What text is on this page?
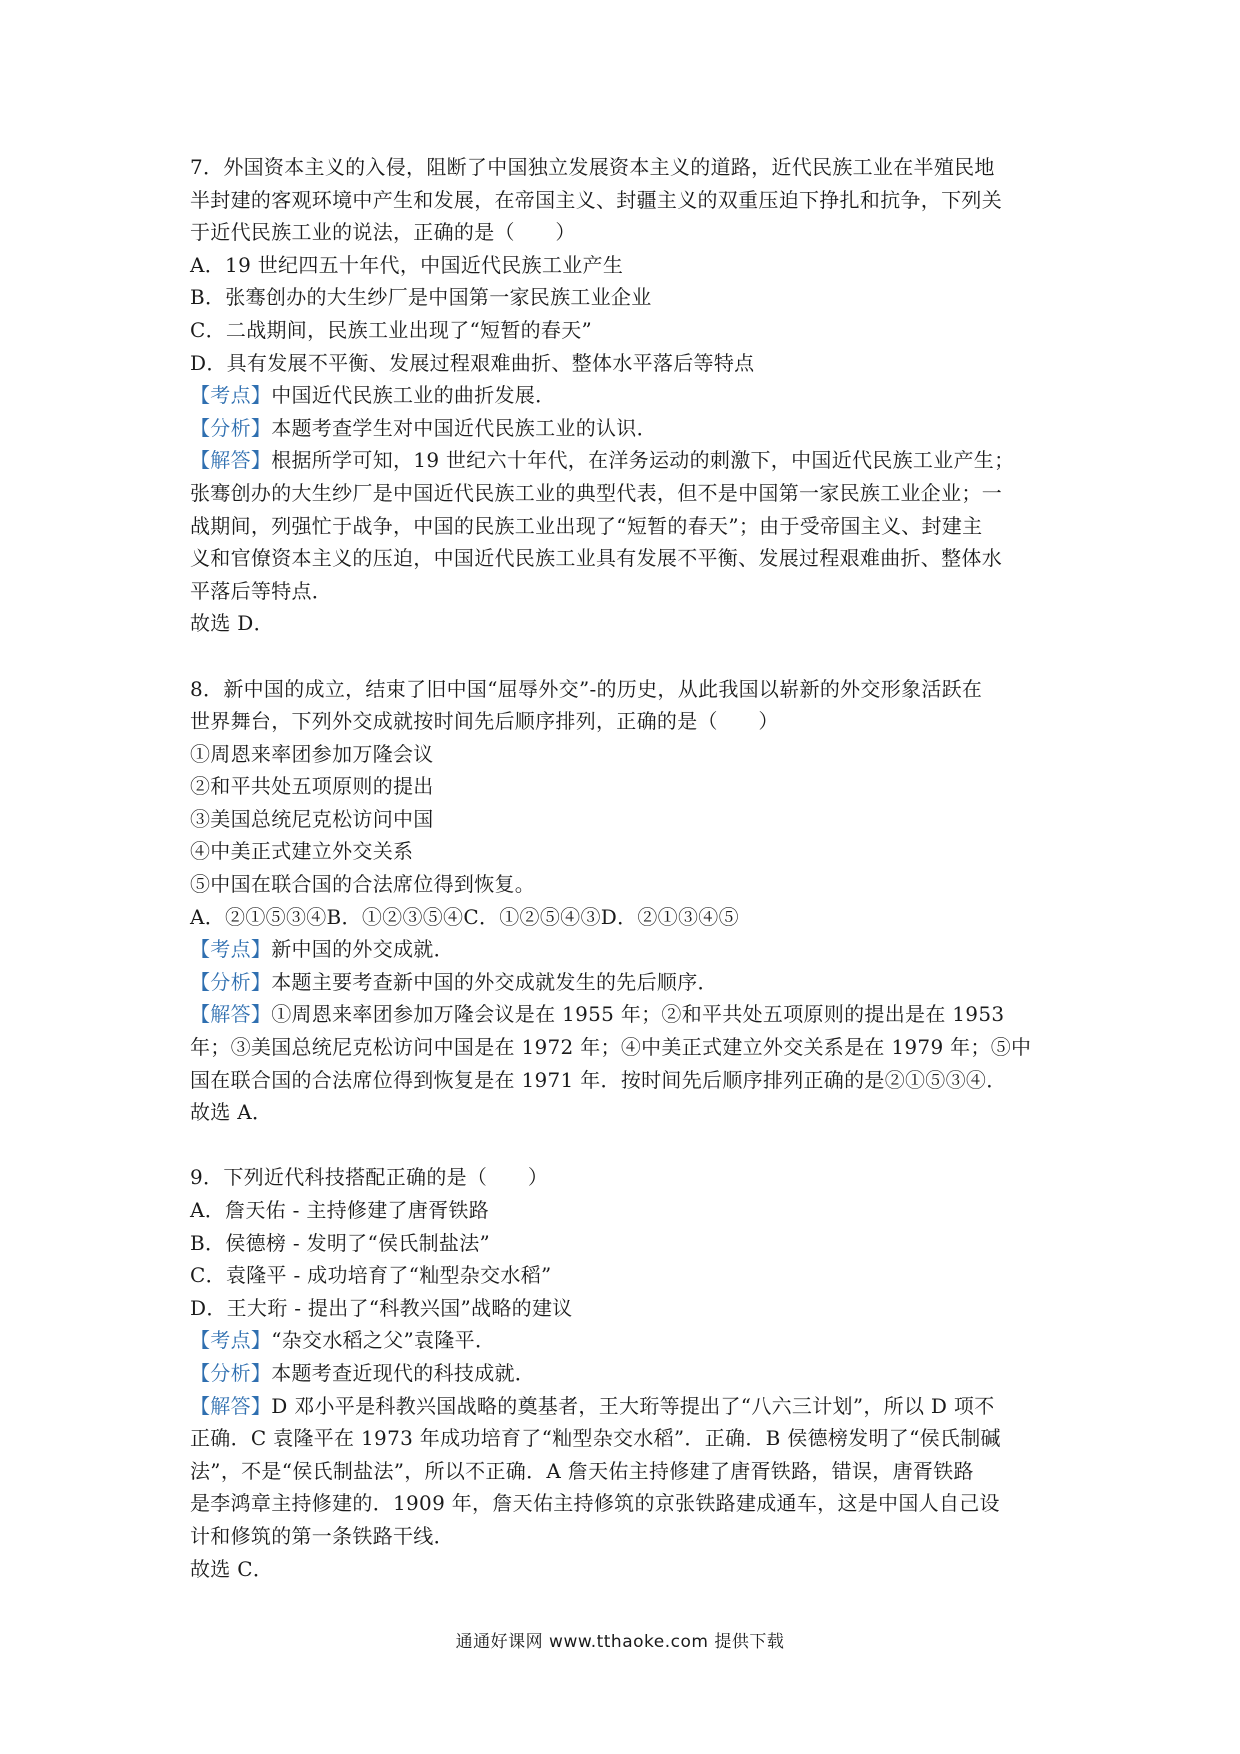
7．外国资本主义的入侵，阻断了中国独立发展资本主义的道路，近代民族工业在半殖民地
半封建的客观环境中产生和发展，在帝国主义、封疆主义的双重压迫下挣扎和抗争，下列关
于近代民族工业的说法，正确的是（　　）
A．19 世纪四五十年代，中国近代民族工业产生
B．张骞创办的大生纱厂是中国第一家民族工业企业
C．二战期间，民族工业出现了“短暂的春天”
D．具有发展不平衡、发展过程艰难曲折、整体水平落后等特点
【考点】中国近代民族工业的曲折发展．
【分析】本题考查学生对中国近代民族工业的认识．
【解答】根据所学可知，19 世纪六十年代，在洋务运动的刺激下，中国近代民族工业产生；
张骞创办的大生纱厂是中国近代民族工业的典型代表，但不是中国第一家民族工业企业；一
战期间，列强忙于战争，中国的民族工业出现了“短暂的春天”；由于受帝国主义、封建主
义和官僚资本主义的压迫，中国近代民族工业具有发展不平衡、发展过程艰难曲折、整体水
平落后等特点．
故选 D．
8．新中国的成立，结束了旧中国“屈辱外交”-的历史，从此我国以崭新的外交形象活跃在
世界舞台，下列外交成就按时间先后顺序排列，正确的是（　　）
①周恩来率团参加万隆会议
②和平共处五项原则的提出
③美国总统尼克松访问中国
④中美正式建立外交关系
⑤中国在联合国的合法席位得到恢复。
A．②①⑤③④B．①②③⑤④C．①②⑤④③D．②①③④⑤
【考点】新中国的外交成就．
【分析】本题主要考查新中国的外交成就发生的先后顺序．
【解答】①周恩来率团参加万隆会议是在 1955 年；②和平共处五项原则的提出是在 1953
年；③美国总统尼克松访问中国是在 1972 年；④中美正式建立外交关系是在 1979 年；⑤中
国在联合国的合法席位得到恢复是在 1971 年．按时间先后顺序排列正确的是②①⑤③④．
故选 A．
9．下列近代科技搭配正确的是（　　）
A．詹天佑 - 主持修建了唐胥铁路
B．侯德榜 - 发明了“侯氏制盐法”
C．袁隆平 - 成功培育了“籼型杂交水稻”
D．王大珩 - 提出了“科教兴国”战略的建议
【考点】“杂交水稻之父”袁隆平．
【分析】本题考查近现代的科技成就．
【解答】D 邓小平是科教兴国战略的奠基者，王大珩等提出了“八六三计划”，所以 D 项不
正确．C 袁隆平在 1973 年成功培育了“籼型杂交水稻”．正确．B 侯德榜发明了“侯氏制碱
法”，不是“侯氏制盐法”，所以不正确．A 詹天佑主持修建了唐胥铁路，错误，唐胥铁路
是李鸿章主持修建的．1909 年，詹天佑主持修筑的京张铁路建成通车，这是中国人自己设
计和修筑的第一条铁路干线．
故选 C．
通通好课网 www.tthaoke.com 提供下载
